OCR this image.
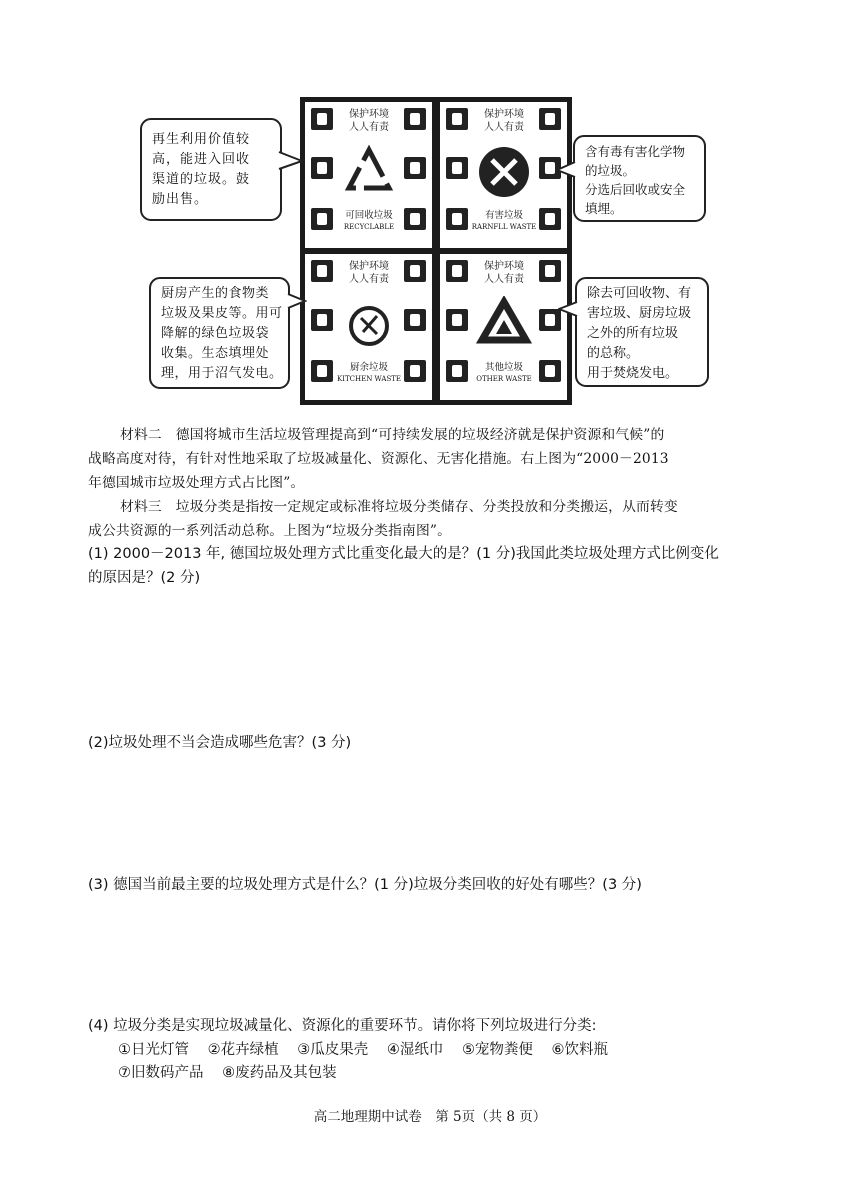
保护环境
人人有责
可回收垃圾
RECYCLABLE
保护环境
人人有责
有害垃圾
RARNFLL WASTE
保护环境
人人有责
厨余垃圾
KITCHEN WASTE
保护环境
人人有责
其他垃圾
OTHER WASTE
再生利用价值较
高，能进入回收
渠道的垃圾。鼓
励出售。
含有毒有害化学物
的垃圾。
分选后回收或安全
填埋。
厨房产生的食物类
垃圾及果皮等。用可
降解的绿色垃圾袋
收集。生态填埋处
理，用于沼气发电。
除去可回收物、有
害垃圾、厨房垃圾
之外的所有垃圾
的总称。
用于焚烧发电。
材料二　德国将城市生活垃圾管理提高到“可持续发展的垃圾经济就是保护资源和气候”的
战略高度对待，有针对性地采取了垃圾减量化、资源化、无害化措施。右上图为“2000－2013
年德国城市垃圾处理方式占比图”。
材料三　垃圾分类是指按一定规定或标准将垃圾分类储存、分类投放和分类搬运，从而转变
成公共资源的一系列活动总称。上图为“垃圾分类指南图”。
(1) 2000－2013 年, 德国垃圾处理方式比重变化最大的是？(1 分)我国此类垃圾处理方式比例变化
的原因是？(2 分)
(2)垃圾处理不当会造成哪些危害？(3 分)
(3) 德国当前最主要的垃圾处理方式是什么？(1 分)垃圾分类回收的好处有哪些？(3 分)
(4) 垃圾分类是实现垃圾减量化、资源化的重要环节。请你将下列垃圾进行分类:
①日光灯管 ②花卉绿植 ③瓜皮果壳 ④湿纸巾 ⑤宠物粪便 ⑥饮料瓶
⑦旧数码产品 ⑧废药品及其包装
高二地理期中试卷　第 5页（共 8 页）
